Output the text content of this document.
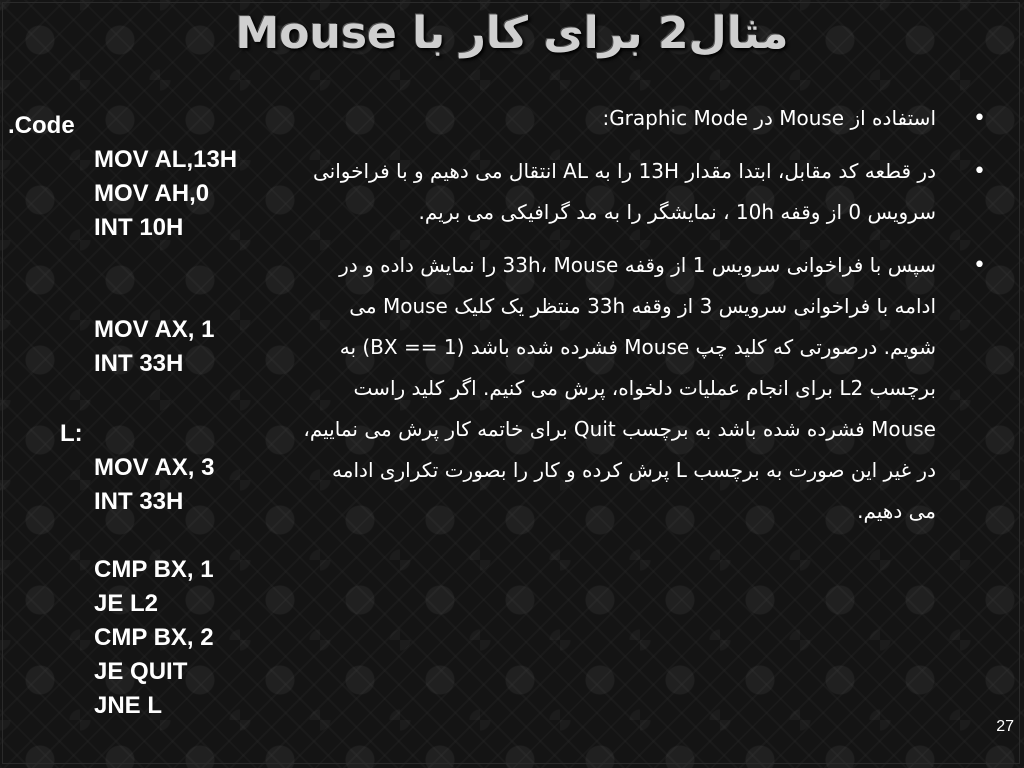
مثال2 برای کار با Mouse
.Code
MOV AL,13H
MOV AH,0
INT 10H
MOV AX, 1
INT 33H
L:
MOV AX, 3
INT 33H
CMP BX, 1
JE L2
CMP BX, 2
JE QUIT
JNE L
•

استفاده از Mouse در Graphic Mode:

•

در قطعه کد مقابل، ابتدا مقدار 13H را به AL انتقال می دهیم و با فراخوانی سرویس 0 از وقفه 10h ، نمایشگر را به مد گرافیکی می بریم.

•

سپس با فراخوانی سرویس 1 از وقفه 33h، Mouse را نمایش داده و در ادامه با فراخوانی سرویس 3 از وقفه 33h منتظر یک کلیک Mouse می شویم. درصورتی که کلید چپ Mouse فشرده شده باشد (BX == 1) به برچسب L2 برای انجام عملیات دلخواه، پرش می کنیم. اگر کلید راست Mouse فشرده شده باشد به برچسب Quit برای خاتمه کار پرش می نماییم، در غیر این صورت به برچسب L پرش کرده و کار را بصورت تکراری ادامه می دهیم.

27
